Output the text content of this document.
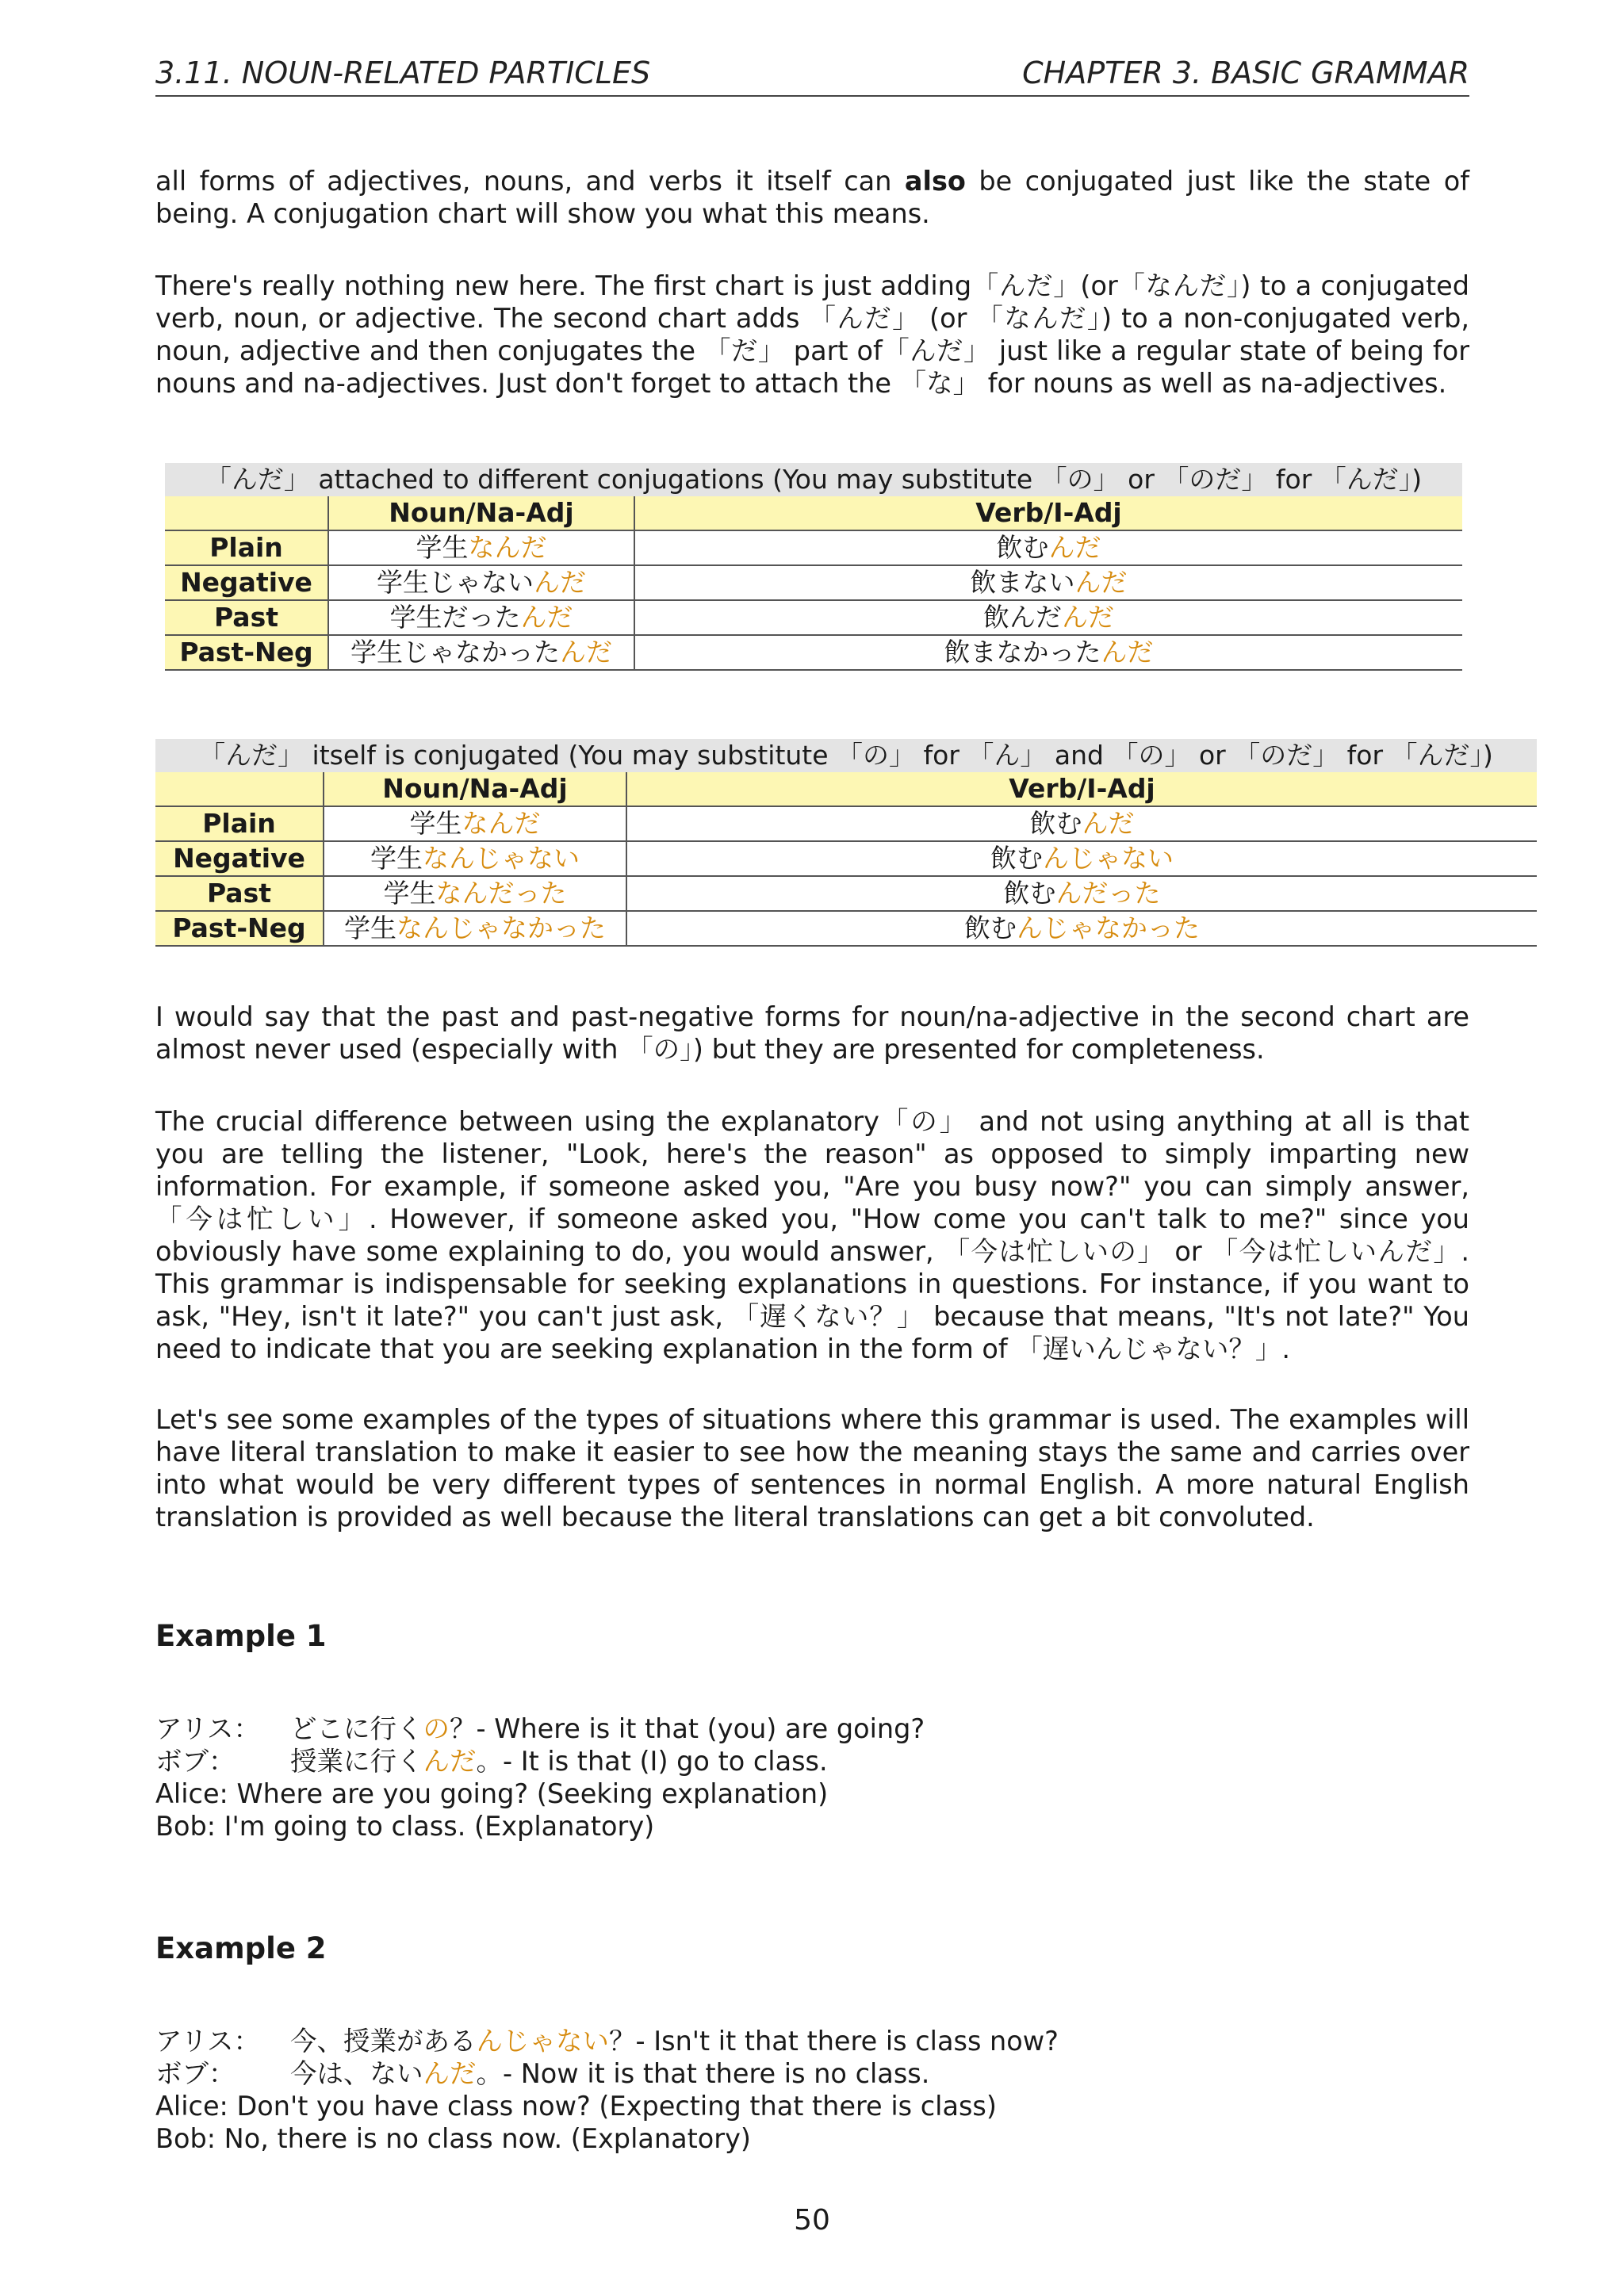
3.11. NOUN-RELATED PARTICLES	CHAPTER 3. BASIC GRAMMAR

all forms of adjectives, nouns, and verbs it itself can also be conjugated just like the state of being. A conjugation chart will show you what this means.

There's really nothing new here. The first chart is just adding「んだ」(or「なんだ」) to a conjugated verb, noun, or adjective. The second chart adds 「んだ」 (or 「なんだ」) to a non-conjugated verb, noun, adjective and then conjugates the 「だ」 part of「んだ」 just like a regular state of being for nouns and na-adjectives. Just don't forget to attach the 「な」 for nouns as well as na-adjectives.

「んだ」 attached to different conjugations (You may substitute 「の」 or 「のだ」 for 「んだ」)		
	Noun/Na-Adj	Verb/I-Adj
Plain	学生なんだ	飲むんだ
Negative	学生じゃないんだ	飲まないんだ
Past	学生だったんだ	飲んだんだ
Past-Neg	学生じゃなかったんだ	飲まなかったんだ
「んだ」 itself is conjugated (You may substitute 「の」 for 「ん」 and 「の」 or 「のだ」 for 「んだ」)		
	Noun/Na-Adj	Verb/I-Adj
Plain	学生なんだ	飲むんだ
Negative	学生なんじゃない	飲むんじゃない
Past	学生なんだった	飲むんだった
Past-Neg	学生なんじゃなかった	飲むんじゃなかった

I would say that the past and past-negative forms for noun/na-adjective in the second chart are almost never used (especially with 「の」) but they are presented for completeness.

The crucial difference between using the explanatory「の」 and not using anything at all is that you are telling the listener, "Look, here's the reason" as opposed to simply imparting new information. For example, if someone asked you, "Are you busy now?" you can simply answer, 「今は忙しい」. However, if someone asked you, "How come you can't talk to me?" since you obviously have some explaining to do, you would answer, 「今は忙しいの」 or 「今は忙しいんだ」. This grammar is indispensable for seeking explanations in questions. For instance, if you want to ask, "Hey, isn't it late?" you can't just ask, 「遅くない？」 because that means, "It's not late?" You need to indicate that you are seeking explanation in the form of 「遅いんじゃない？」.

Let's see some examples of the types of situations where this grammar is used. The examples will have literal translation to make it easier to see how the meaning stays the same and carries over into what would be very different types of sentences in normal English. A more natural English translation is provided as well because the literal translations can get a bit convoluted.

Example 1
アリス： どこに行くの？- Where is it that (you) are going?
ボブ： 授業に行くんだ。- It is that (I) go to class.
Alice: Where are you going? (Seeking explanation)
Bob: I'm going to class. (Explanatory)
Example 2
アリス： 今、授業があるんじゃない？- Isn't it that there is class now?
ボブ： 今は、ないんだ。- Now it is that there is no class.
Alice: Don't you have class now? (Expecting that there is class)
Bob: No, there is no class now. (Explanatory)
50
